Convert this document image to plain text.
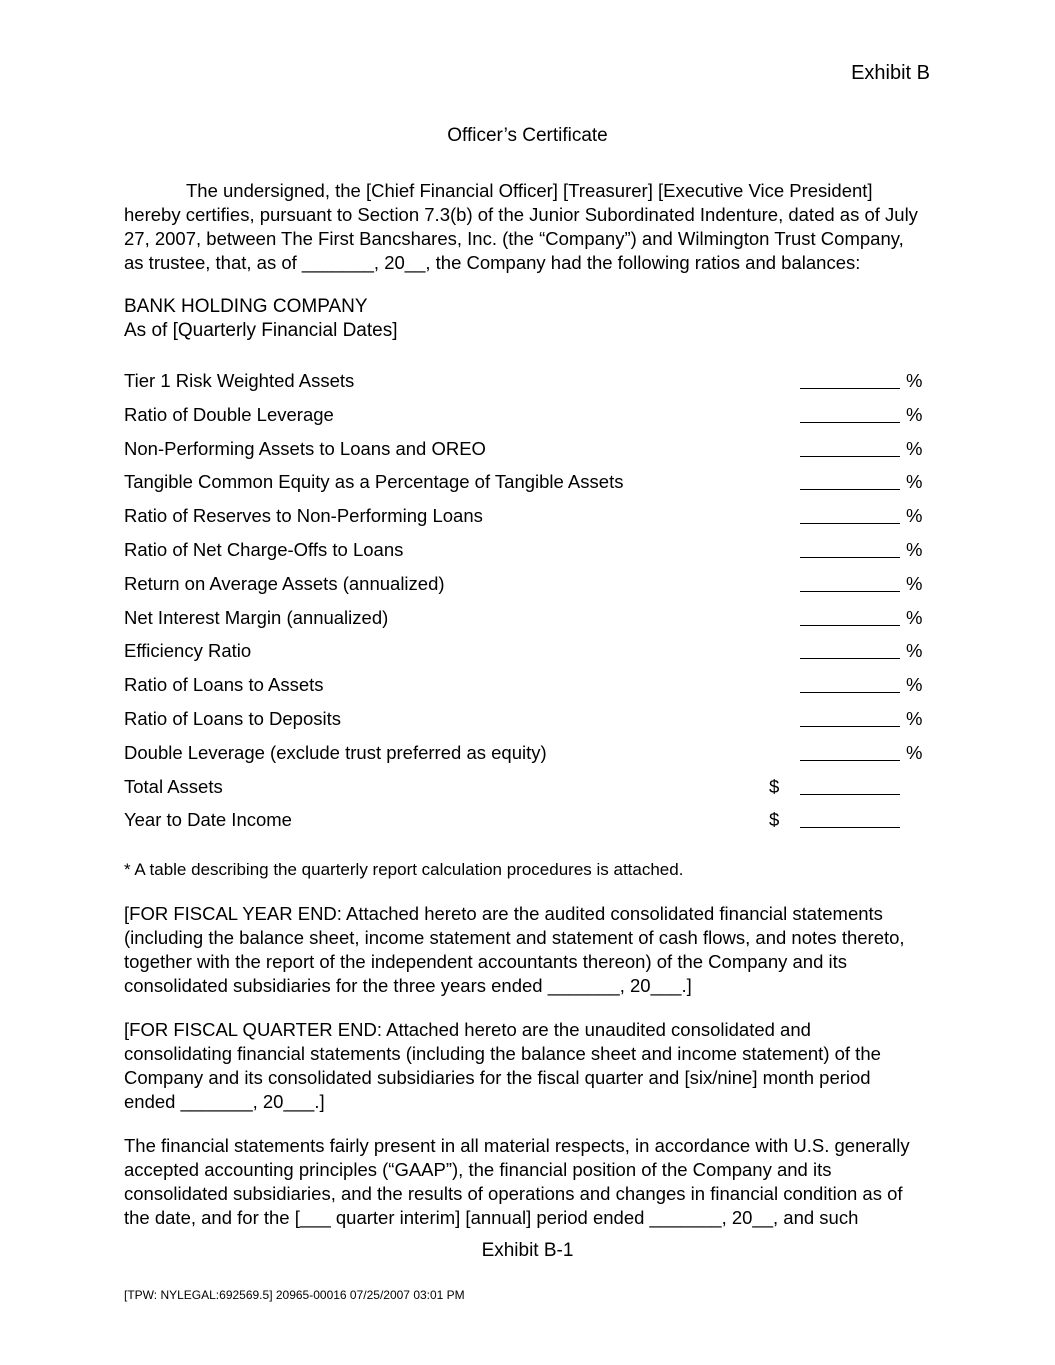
Exhibit B
Officer’s Certificate
The undersigned, the [Chief Financial Officer] [Treasurer] [Executive Vice President]
hereby certifies, pursuant to Section 7.3(b) of the Junior Subordinated Indenture, dated as of July
27, 2007, between The First Bancshares, Inc. (the “Company”) and Wilmington Trust Company,
as trustee, that, as of _______, 20__, the Company had the following ratios and balances:
BANK HOLDING COMPANY
As of [Quarterly Financial Dates]
Tier 1 Risk Weighted Assets	%
Ratio of Double Leverage	%
Non-Performing Assets to Loans and OREO	%
Tangible Common Equity as a Percentage of Tangible Assets	%
Ratio of Reserves to Non-Performing Loans	%
Ratio of Net Charge-Offs to Loans	%
Return on Average Assets (annualized)	%
Net Interest Margin (annualized)	%
Efficiency Ratio	%
Ratio of Loans to Assets	%
Ratio of Loans to Deposits	%
Double Leverage (exclude trust preferred as equity)	%
Total Assets	$
Year to Date Income	$
* A table describing the quarterly report calculation procedures is attached.
[FOR FISCAL YEAR END: Attached hereto are the audited consolidated financial statements
(including the balance sheet, income statement and statement of cash flows, and notes thereto,
together with the report of the independent accountants thereon) of the Company and its
consolidated subsidiaries for the three years ended _______, 20___.]
[FOR FISCAL QUARTER END: Attached hereto are the unaudited consolidated and
consolidating financial statements (including the balance sheet and income statement) of the
Company and its consolidated subsidiaries for the fiscal quarter and [six/nine] month period
ended _______, 20___.]
The financial statements fairly present in all material respects, in accordance with U.S. generally
accepted accounting principles (“GAAP”), the financial position of the Company and its
consolidated subsidiaries, and the results of operations and changes in financial condition as of
the date, and for the [___ quarter interim] [annual] period ended _______, 20__, and such
Exhibit B-1
[TPW: NYLEGAL:692569.5] 20965-00016 07/25/2007 03:01 PM
